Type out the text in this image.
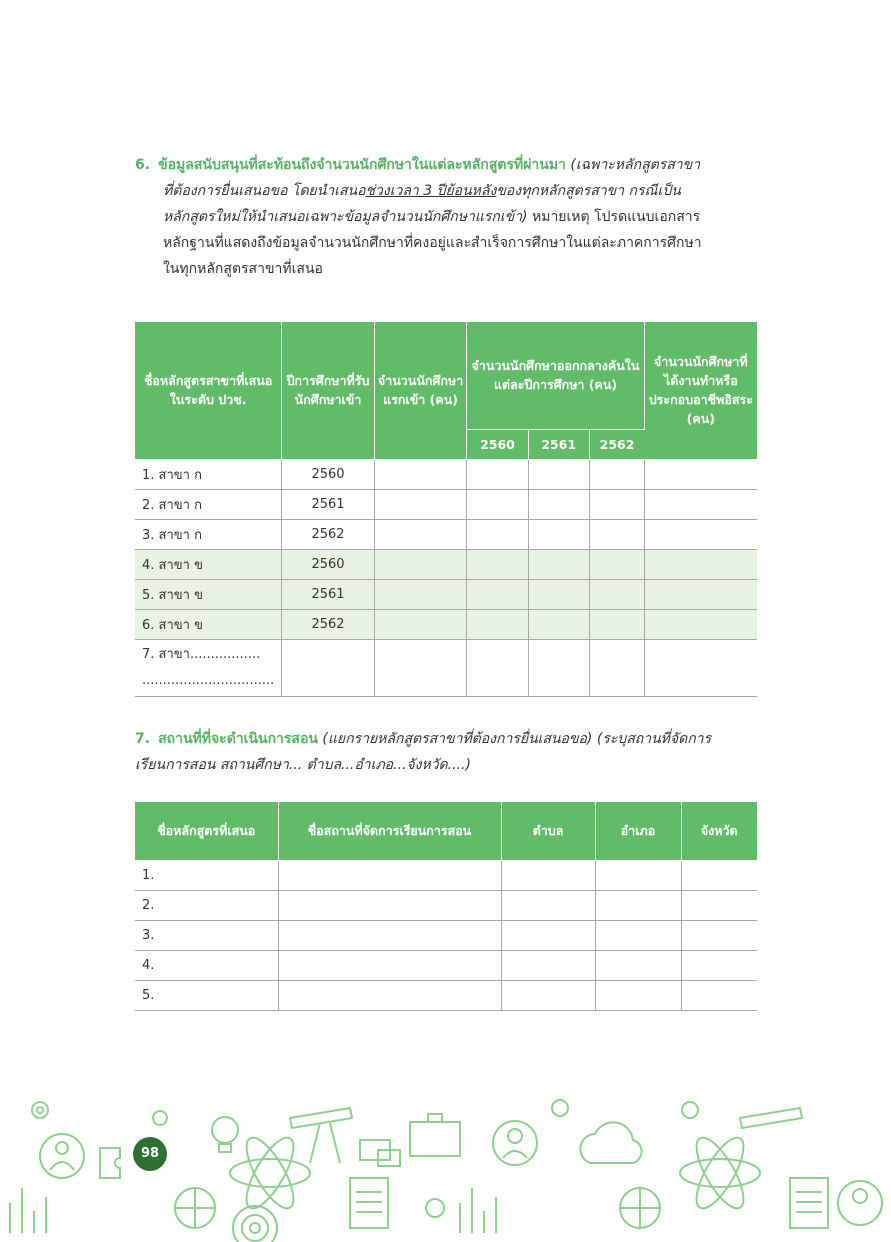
6. ข้อมูลสนับสนุนที่สะท้อนถึงจำนวนนักศึกษาในแต่ละหลักสูตรที่ผ่านมา (เฉพาะหลักสูตรสาขา
ที่ต้องการยื่นเสนอขอ โดยนำเสนอช่วงเวลา 3 ปีย้อนหลังของทุกหลักสูตรสาขา กรณีเป็น
หลักสูตรใหม่ให้นำเสนอเฉพาะข้อมูลจำนวนนักศึกษาแรกเข้า) หมายเหตุ โปรดแนบเอกสาร
หลักฐานที่แสดงถึงข้อมูลจำนวนนักศึกษาที่คงอยู่และสำเร็จการศึกษาในแต่ละภาคการศึกษา
ในทุกหลักสูตรสาขาที่เสนอ
ชื่อหลักสูตรสาขาที่เสนอ ในระดับ ปวช.	ปีการศึกษาที่รับนักศึกษาเข้า	จำนวนนักศึกษาแรกเข้า (คน)	จำนวนนักศึกษาออกกลางคันในแต่ละปีการศึกษา (คน)			จำนวนนักศึกษาที่ได้งานทำหรือประกอบอาชีพอิสระ (คน)
			2560	2561	2562	
1. สาขา ก	2560					
2. สาขา ก	2561					
3. สาขา ก	2562					
4. สาขา ข	2560					
5. สาขา ข	2561					
6. สาขา ข	2562					

7. สาขา.................
................................						

7. สถานที่ที่จะดำเนินการสอน (แยกรายหลักสูตรสาขาที่ต้องการยื่นเสนอขอ) (ระบุสถานที่จัดการ
เรียนการสอน สถานศึกษา... ตำบล...อำเภอ...จังหวัด....)
ชื่อหลักสูตรที่เสนอ	ชื่อสถานที่จัดการเรียนการสอน	ตำบล	อำเภอ	จังหวัด
1.				
2.				
3.				
4.				
5.				
98
